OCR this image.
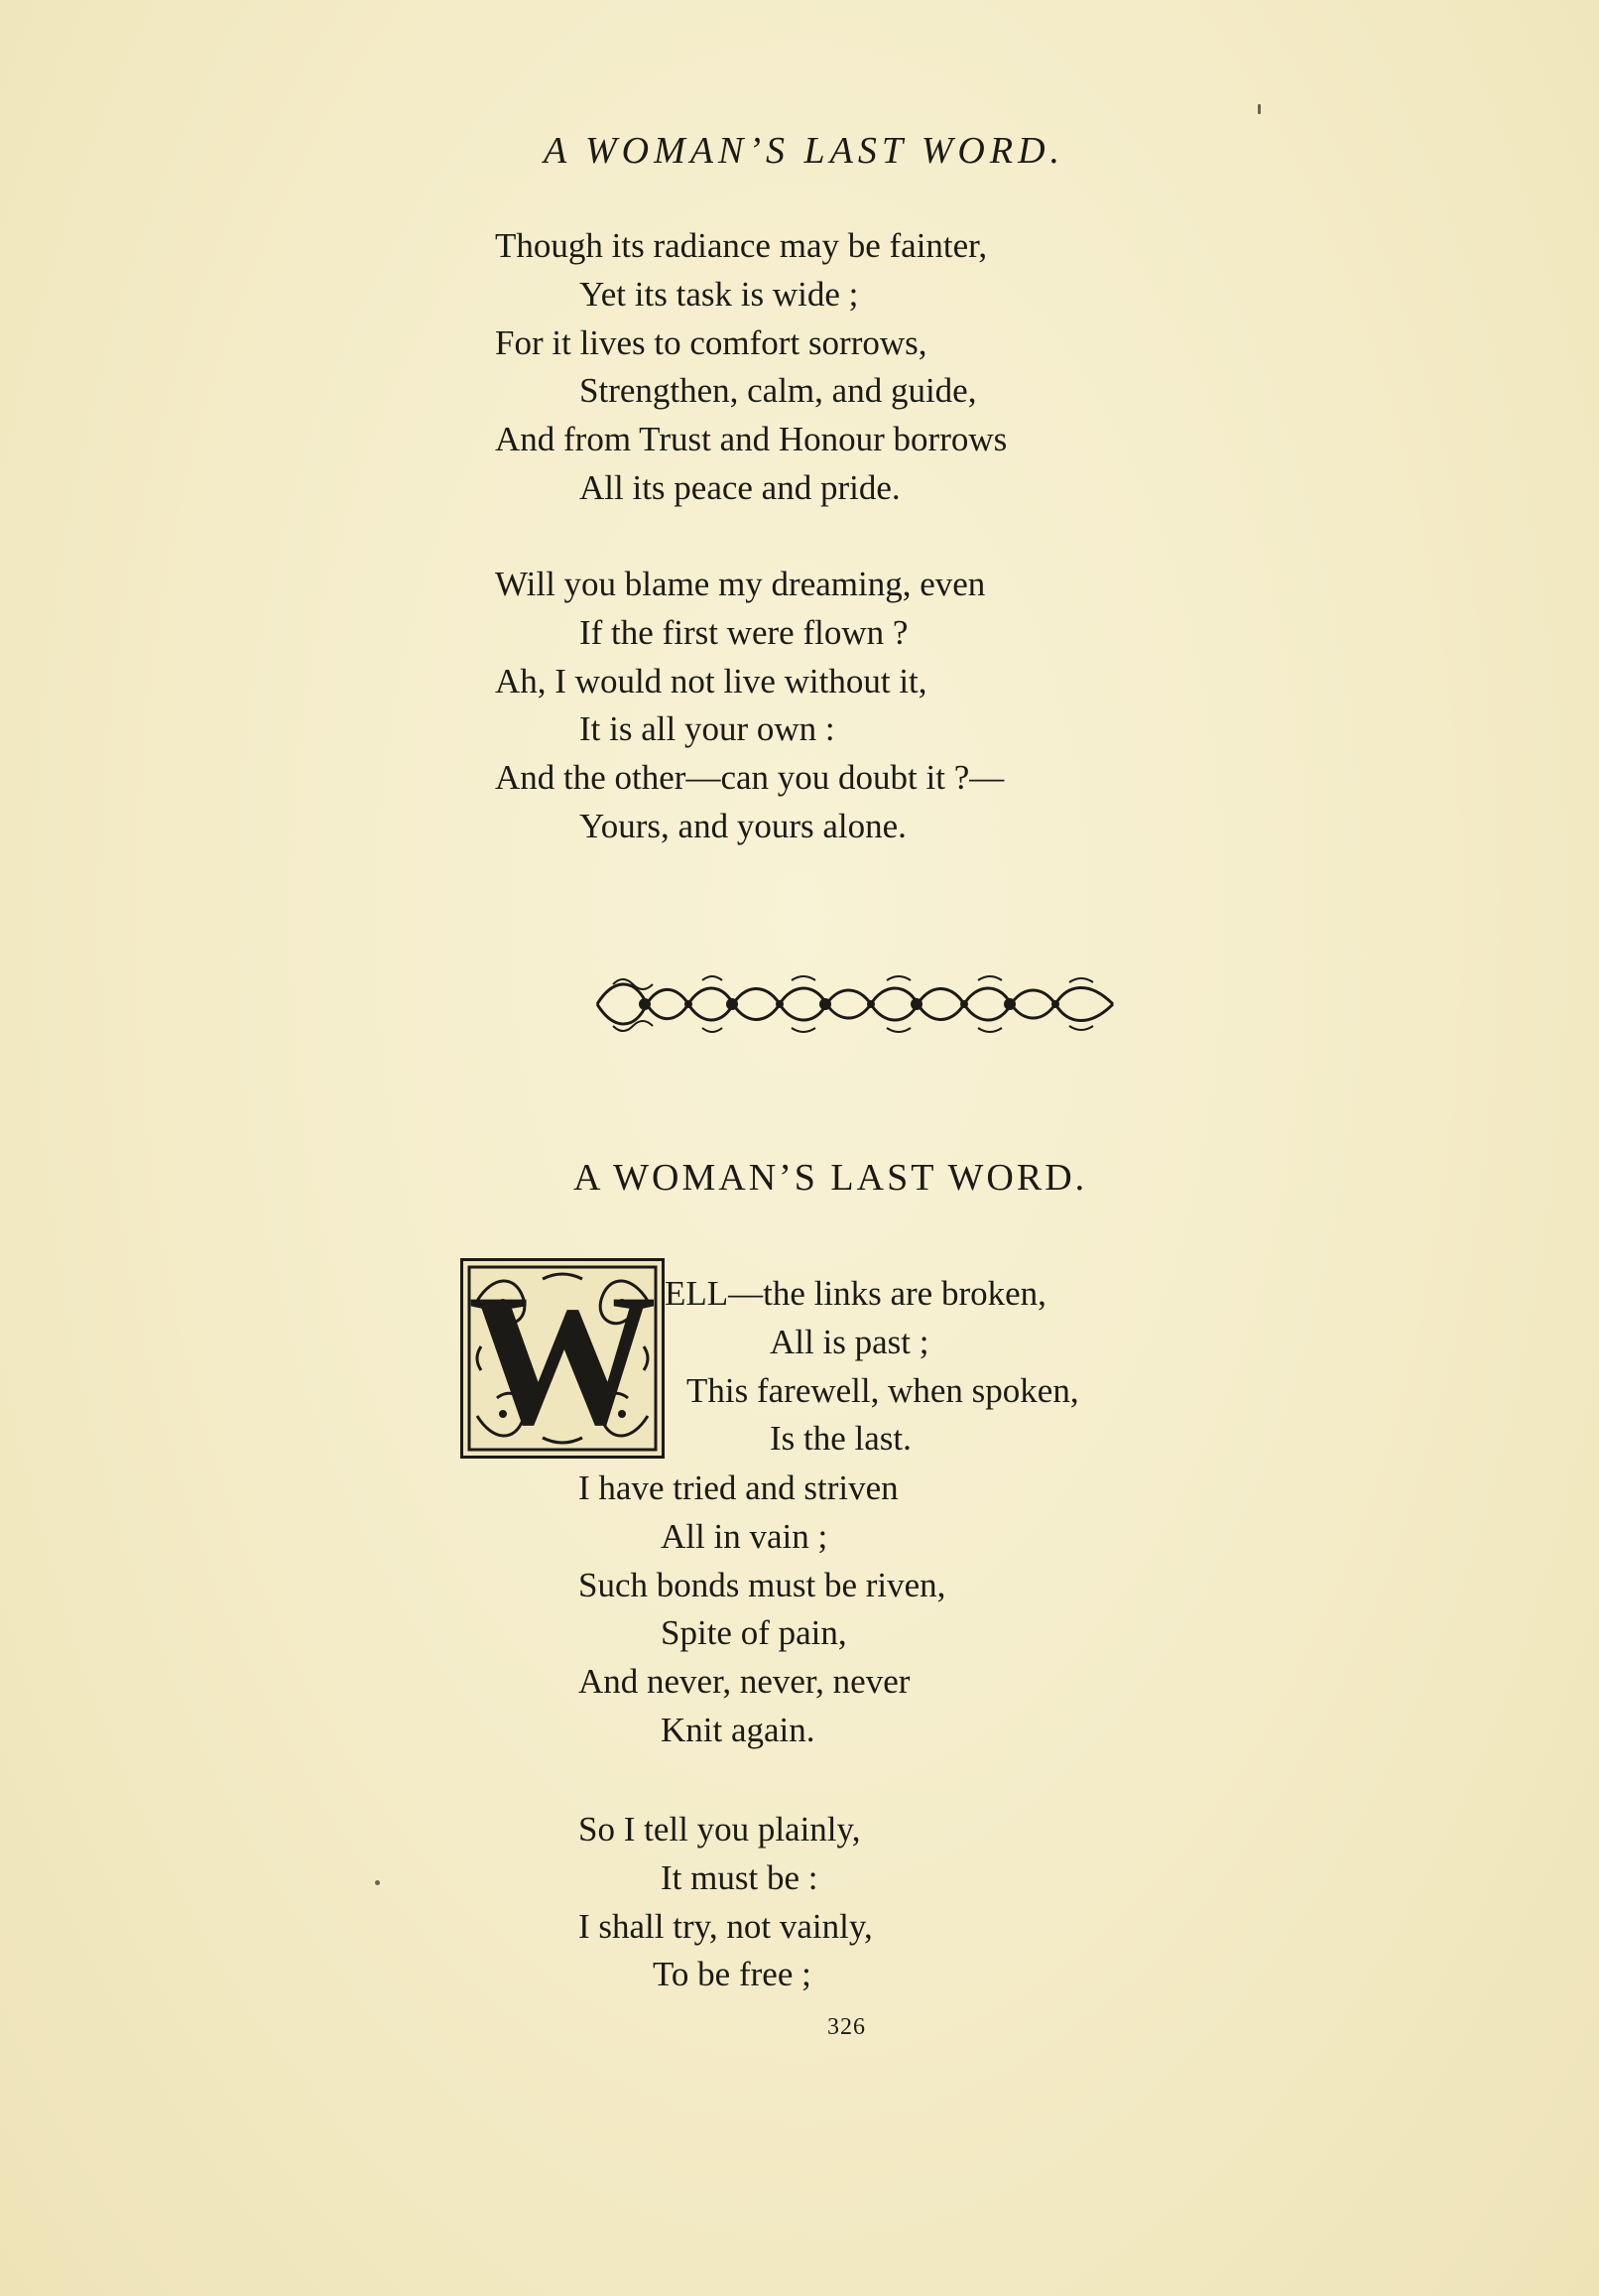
A WOMAN’S LAST WORD.
Though its radiance may be fainter,
Yet its task is wide ;
For it lives to comfort sorrows,
Strengthen, calm, and guide,
And from Trust and Honour borrows
All its peace and pride.
Will you blame my dreaming, even
If the first were flown ?
Ah, I would not live without it,
It is all your own :
And the other—can you doubt it ?—
Yours, and yours alone.
A WOMAN’S LAST WORD.
W ELL—the links are broken,
All is past ;
This farewell, when spoken,
Is the last.
I have tried and striven
All in vain ;
Such bonds must be riven,
Spite of pain,
And never, never, never
Knit again.
So I tell you plainly,
It must be :
I shall try, not vainly,
To be free ;
326
